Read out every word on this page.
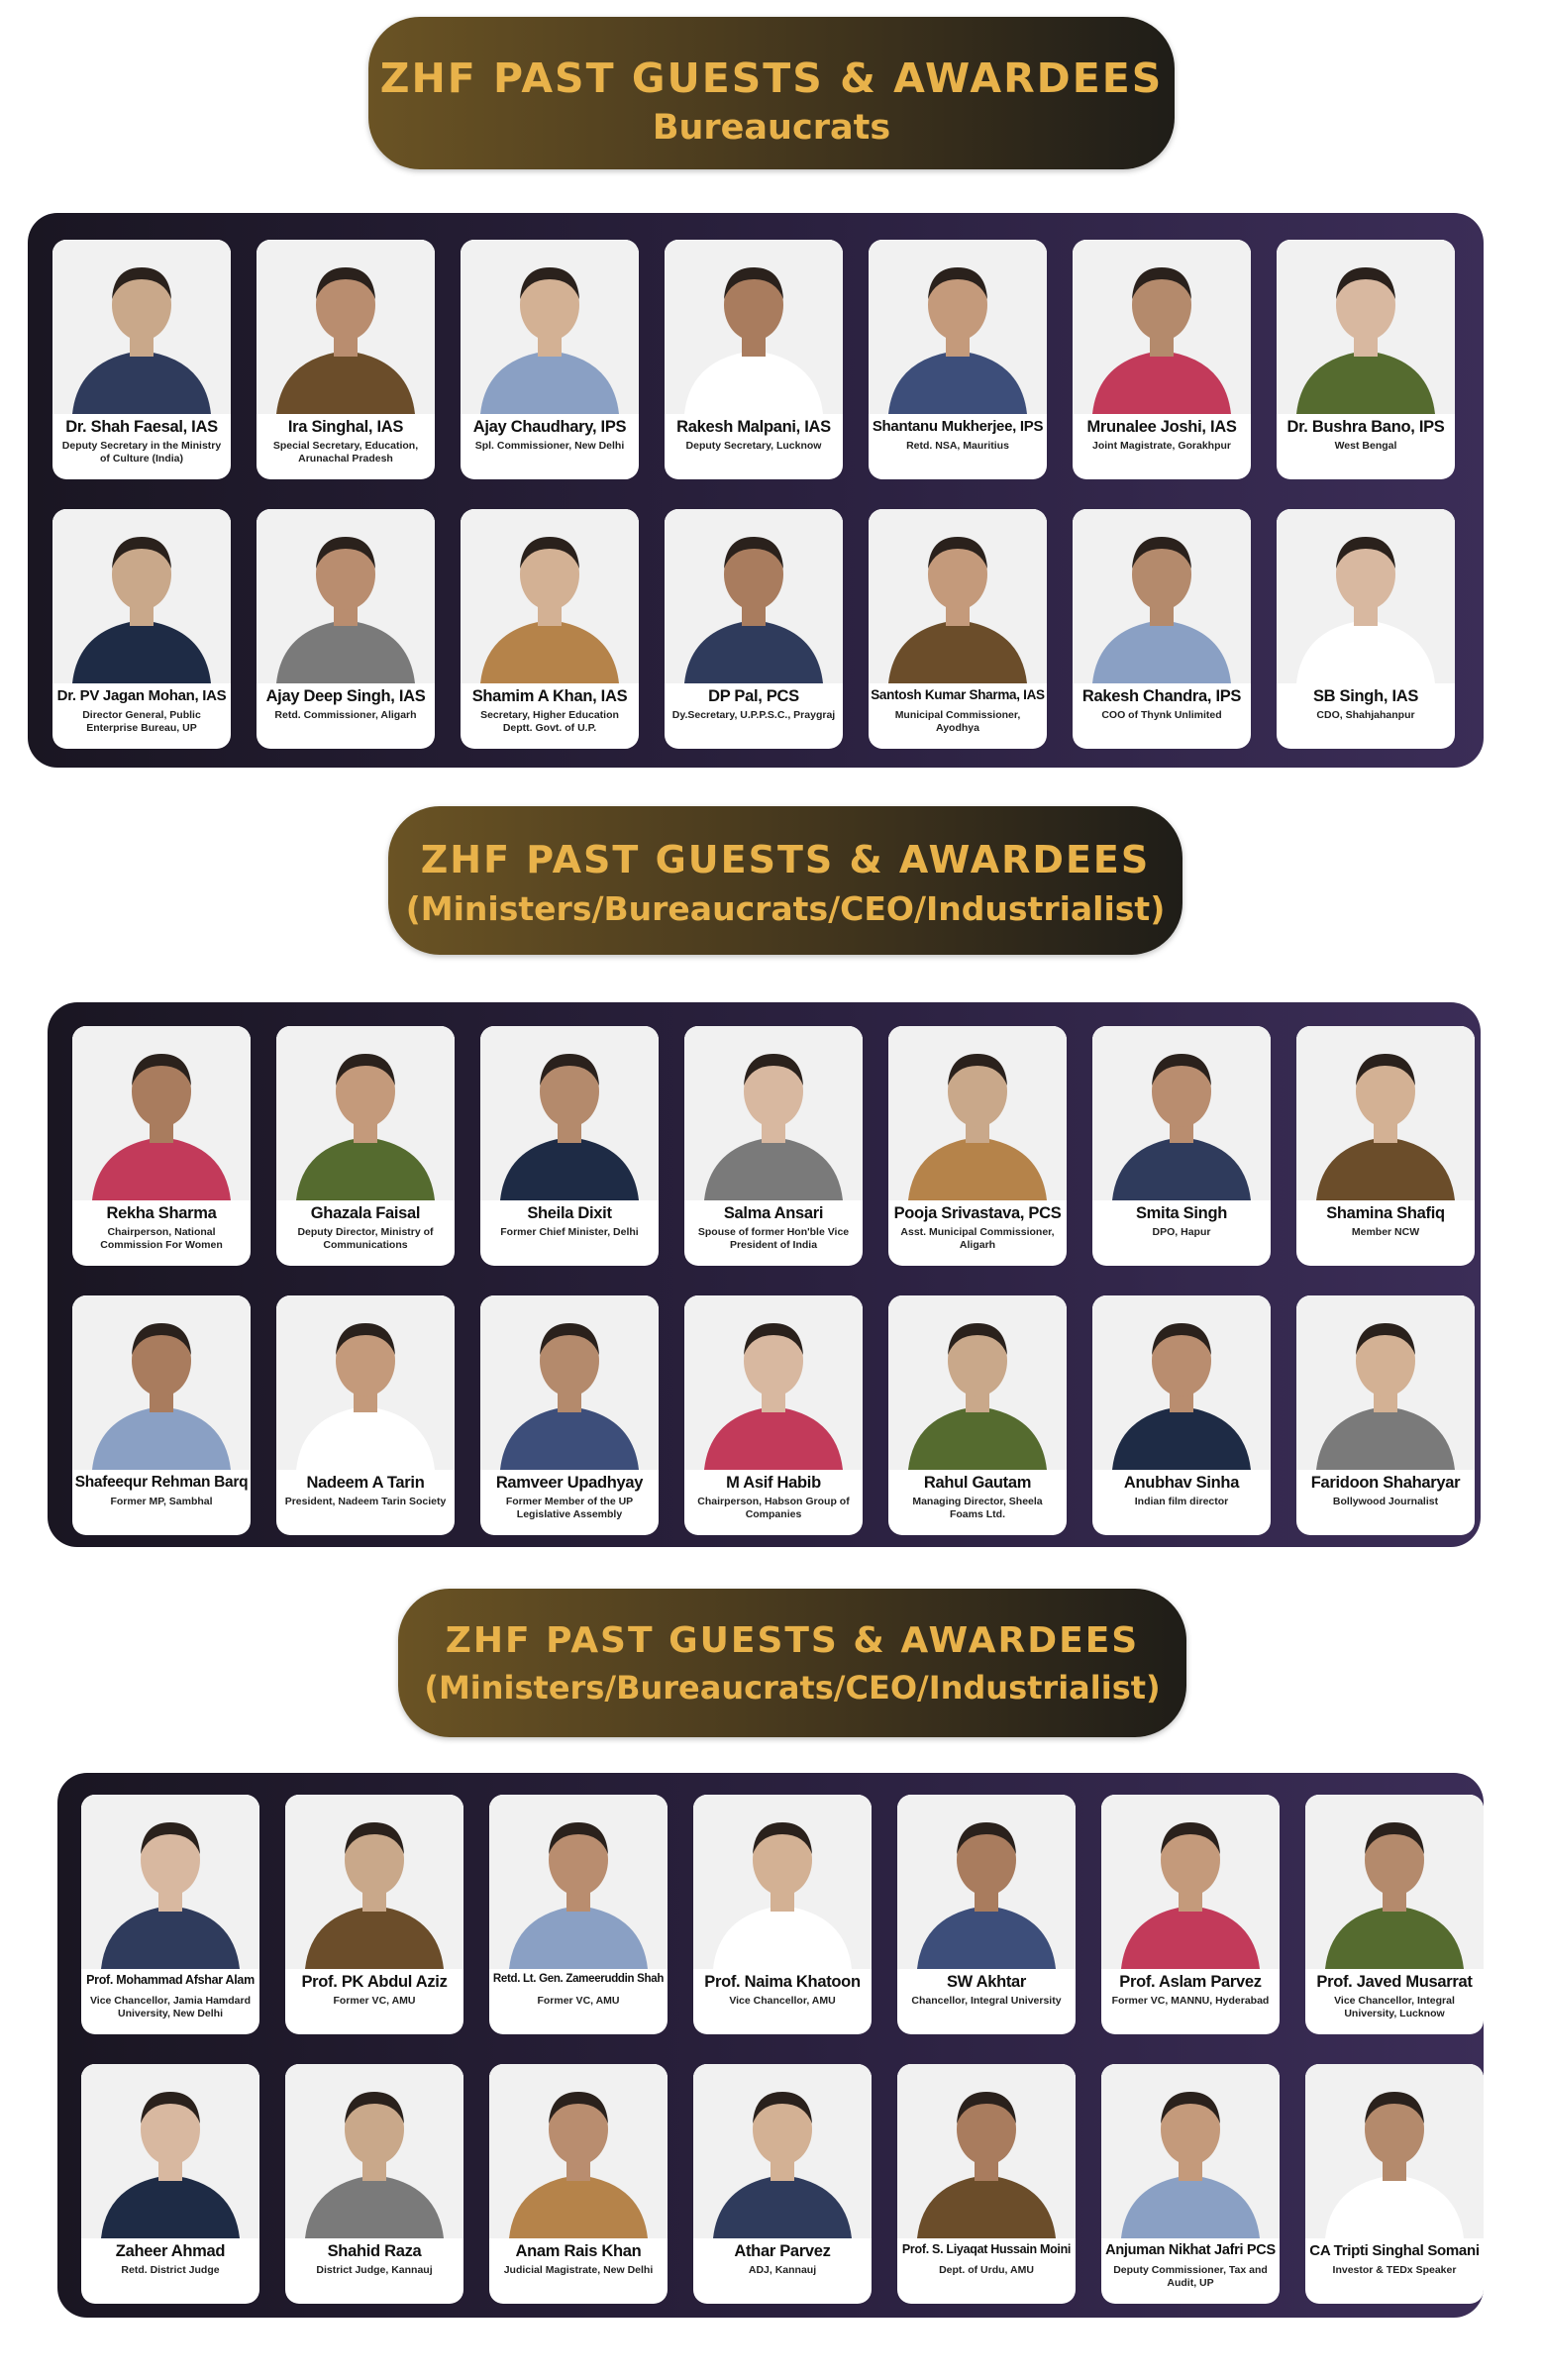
ZHF PAST GUESTS & AWARDEES
Bureaucrats
Dr. Shah Faesal, IAS
Deputy Secretary in the Ministry of Culture (India)
Ira Singhal, IAS
Special Secretary, Education, Arunachal Pradesh
Ajay Chaudhary, IPS
Spl. Commissioner, New Delhi
Rakesh Malpani, IAS
Deputy Secretary, Lucknow
Shantanu Mukherjee, IPS
Retd. NSA, Mauritius
Mrunalee Joshi, IAS
Joint Magistrate, Gorakhpur
Dr. Bushra Bano, IPS
West Bengal
Dr. PV Jagan Mohan, IAS
Director General, Public Enterprise Bureau, UP
Ajay Deep Singh, IAS
Retd. Commissioner, Aligarh
Shamim A Khan, IAS
Secretary, Higher Education Deptt. Govt. of U.P.
DP Pal, PCS
Dy.Secretary, U.P.P.S.C., Praygraj
Santosh Kumar Sharma, IAS
Municipal Commissioner, Ayodhya
Rakesh Chandra, IPS
COO of Thynk Unlimited
SB Singh, IAS
CDO, Shahjahanpur
ZHF PAST GUESTS & AWARDEES
(Ministers/Bureaucrats/CEO/Industrialist)
Rekha Sharma
Chairperson, National Commission For Women
Ghazala Faisal
Deputy Director, Ministry of Communications
Sheila Dixit
Former Chief Minister, Delhi
Salma Ansari
Spouse of former Hon'ble Vice President of India
Pooja Srivastava, PCS
Asst. Municipal Commissioner, Aligarh
Smita Singh
DPO, Hapur
Shamina Shafiq
Member NCW
Shafeequr Rehman Barq
Former MP, Sambhal
Nadeem A Tarin
President, Nadeem Tarin Society
Ramveer Upadhyay
Former Member of the UP Legislative Assembly
M Asif Habib
Chairperson, Habson Group of Companies
Rahul Gautam
Managing Director, Sheela Foams Ltd.
Anubhav Sinha
Indian film director
Faridoon Shaharyar
Bollywood Journalist
ZHF PAST GUESTS & AWARDEES
(Ministers/Bureaucrats/CEO/Industrialist)
Prof. Mohammad Afshar Alam
Vice Chancellor, Jamia Hamdard University, New Delhi
Prof. PK Abdul Aziz
Former VC, AMU
Retd. Lt. Gen. Zameeruddin Shah
Former VC, AMU
Prof. Naima Khatoon
Vice Chancellor, AMU
SW Akhtar
Chancellor, Integral University
Prof. Aslam Parvez
Former VC, MANNU, Hyderabad
Prof. Javed Musarrat
Vice Chancellor, Integral University, Lucknow
Zaheer Ahmad
Retd. District Judge
Shahid Raza
District Judge, Kannauj
Anam Rais Khan
Judicial Magistrate, New Delhi
Athar Parvez
ADJ, Kannauj
Prof. S. Liyaqat Hussain Moini
Dept. of Urdu, AMU
Anjuman Nikhat Jafri PCS
Deputy Commissioner, Tax and Audit, UP
CA Tripti Singhal Somani
Investor & TEDx Speaker
